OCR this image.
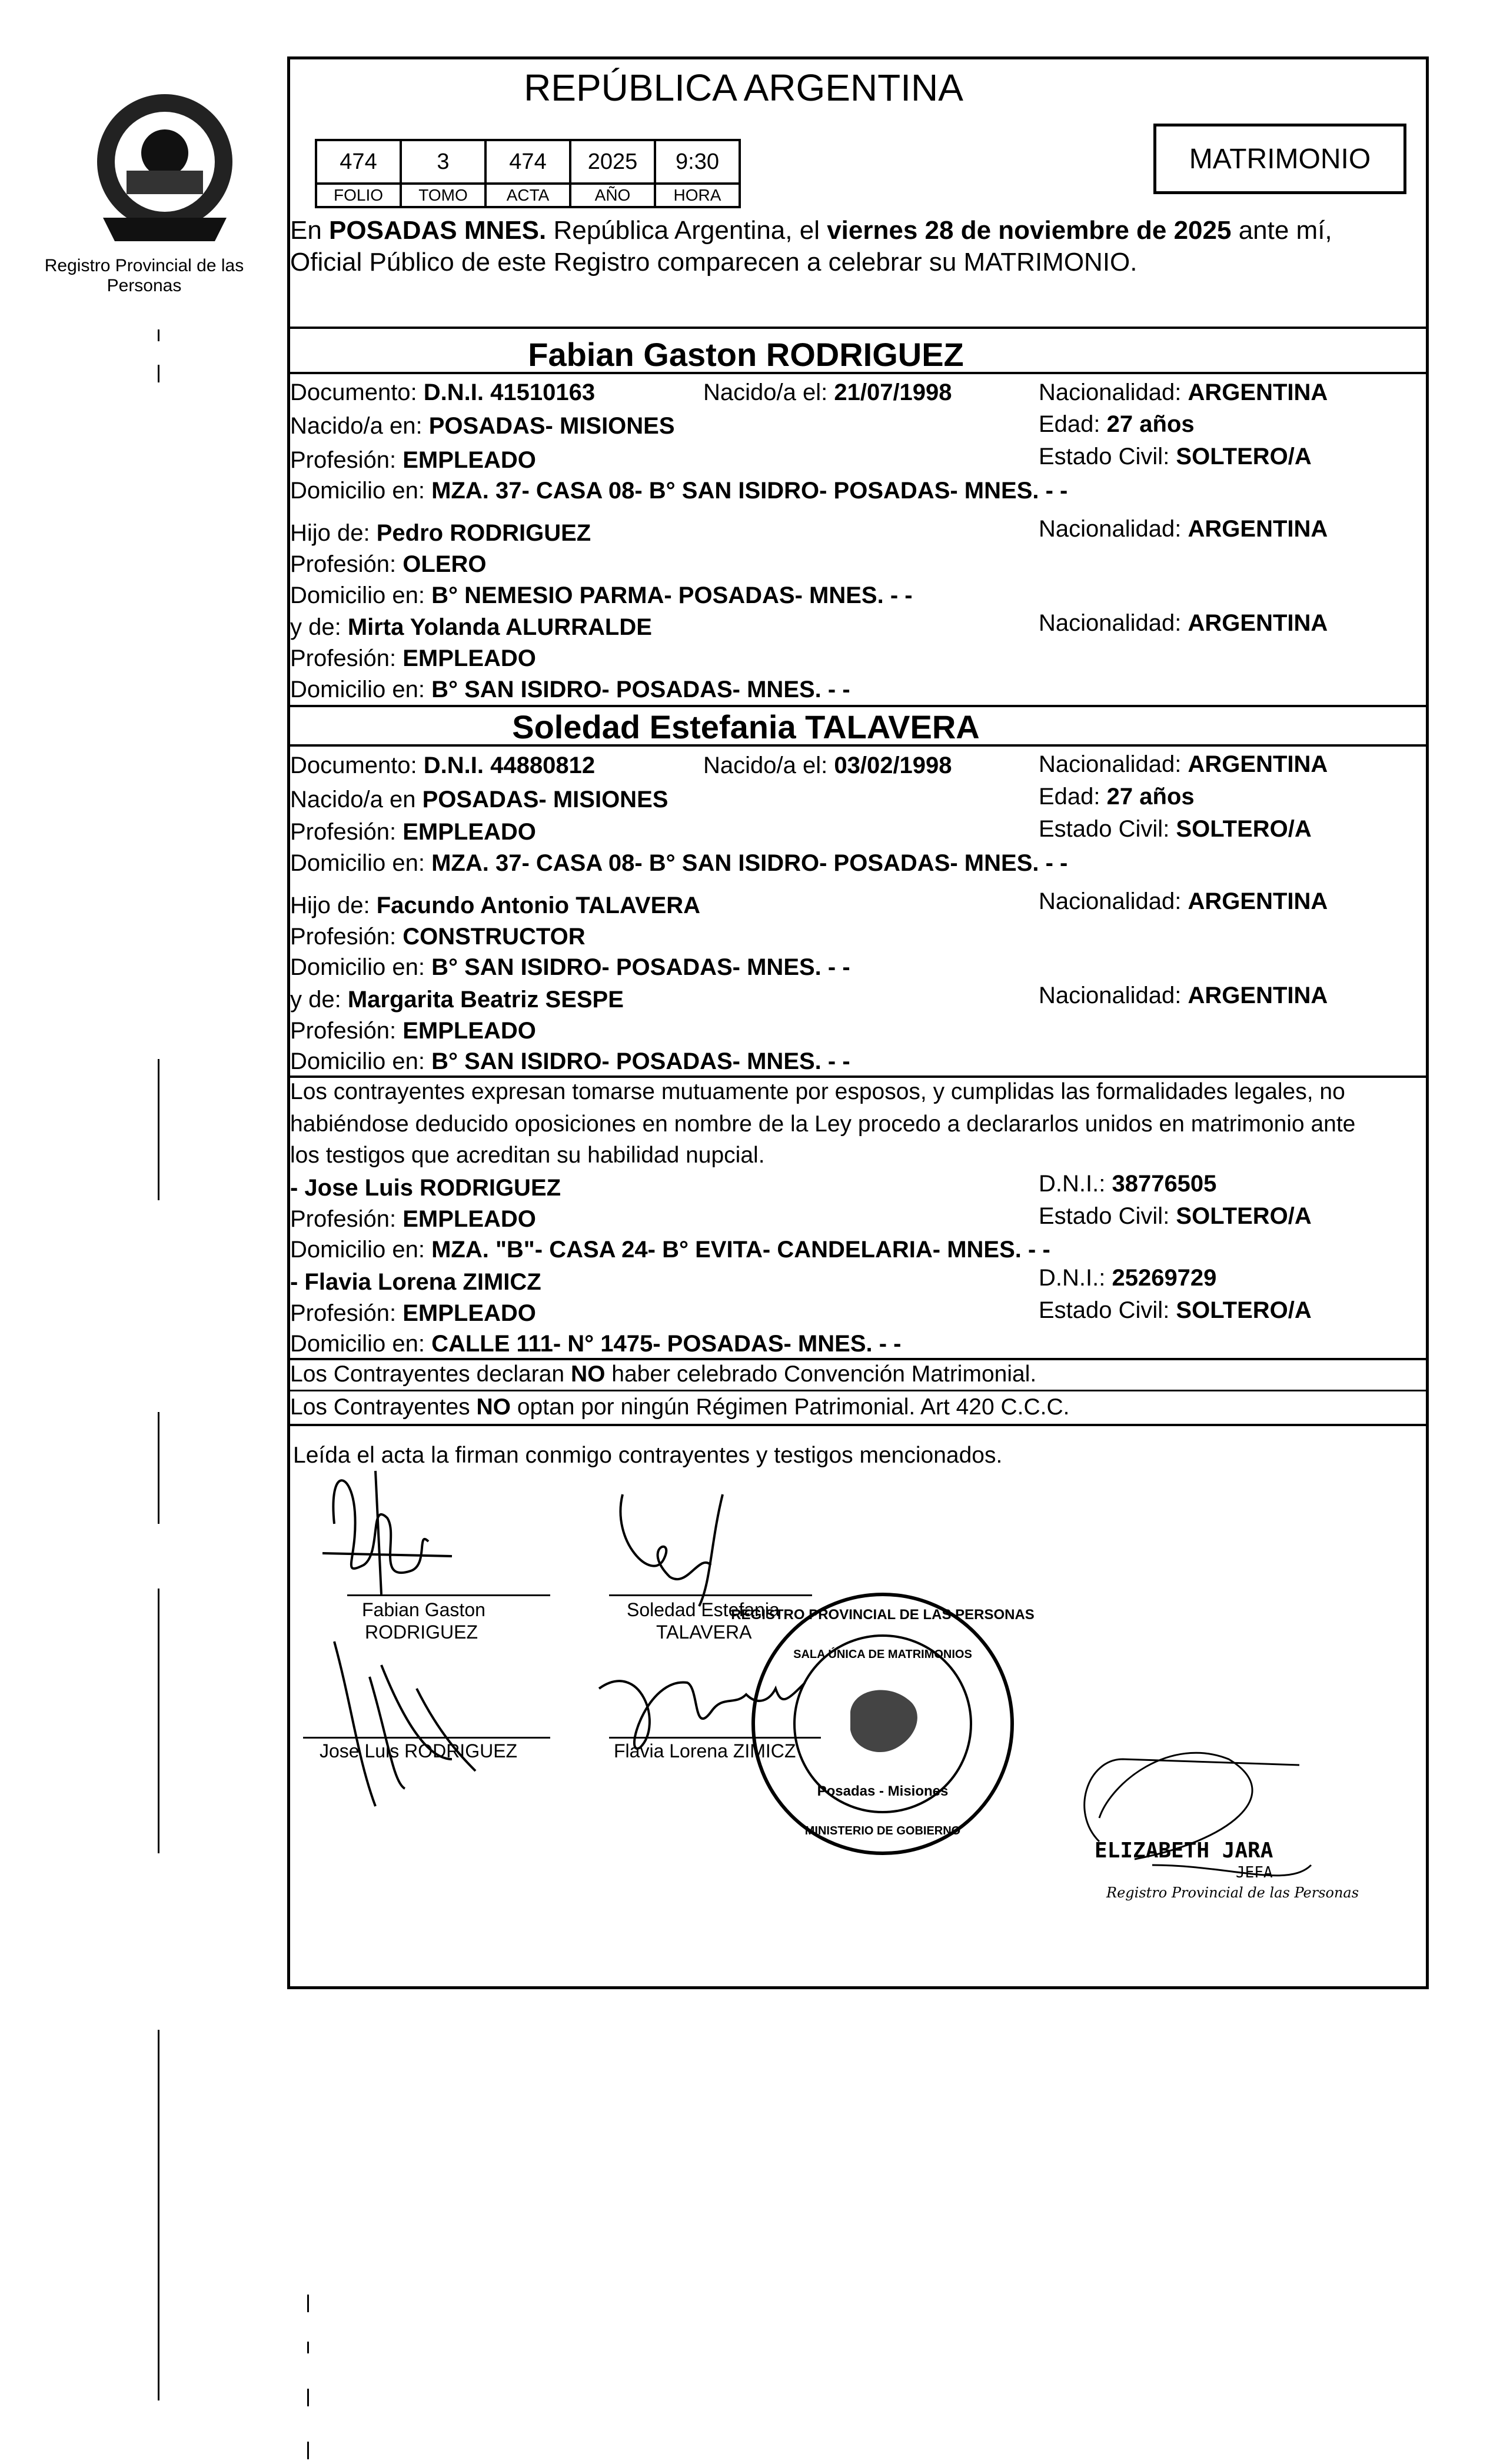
Registro Provincial de las Personas
REPÚBLICA ARGENTINA
474	3	474	2025	9:30
FOLIO	TOMO	ACTA	AÑO	HORA
MATRIMONIO
En POSADAS MNES. República Argentina, el viernes 28 de noviembre de 2025 ante mí,
Oficial Público de este Registro comparecen a celebrar su MATRIMONIO.
Fabian Gaston RODRIGUEZ
Documento: D.N.I. 41510163	Nacido/a el: 21/07/1998	Nacionalidad: ARGENTINA
Nacido/a en: POSADAS- MISIONES	Edad: 27 años
Profesión: EMPLEADO	Estado Civil: SOLTERO/A
Domicilio en: MZA. 37- CASA 08- B° SAN ISIDRO- POSADAS- MNES. - -
Hijo de: Pedro RODRIGUEZ	Nacionalidad: ARGENTINA
Profesión: OLERO
Domicilio en: B° NEMESIO PARMA- POSADAS- MNES. - -
y de: Mirta Yolanda ALURRALDE	Nacionalidad: ARGENTINA
Profesión: EMPLEADO
Domicilio en: B° SAN ISIDRO- POSADAS- MNES. - -
Soledad Estefania TALAVERA
Documento: D.N.I. 44880812	Nacido/a el: 03/02/1998	Nacionalidad: ARGENTINA
Nacido/a en POSADAS- MISIONES	Edad: 27 años
Profesión: EMPLEADO	Estado Civil: SOLTERO/A
Domicilio en: MZA. 37- CASA 08- B° SAN ISIDRO- POSADAS- MNES. - -
Hijo de: Facundo Antonio TALAVERA	Nacionalidad: ARGENTINA
Profesión: CONSTRUCTOR
Domicilio en: B° SAN ISIDRO- POSADAS- MNES. - -
y de: Margarita Beatriz SESPE	Nacionalidad: ARGENTINA
Profesión: EMPLEADO
Domicilio en: B° SAN ISIDRO- POSADAS- MNES. - -
Los contrayentes expresan tomarse mutuamente por esposos, y cumplidas las formalidades legales, no
habiéndose deducido oposiciones en nombre de la Ley procedo a declararlos unidos en matrimonio ante
los testigos que acreditan su habilidad nupcial.
- Jose Luis RODRIGUEZ	D.N.I.: 38776505
Profesión: EMPLEADO	Estado Civil: SOLTERO/A
Domicilio en: MZA. "B"- CASA 24- B° EVITA- CANDELARIA- MNES. - -
- Flavia Lorena ZIMICZ	D.N.I.: 25269729
Profesión: EMPLEADO	Estado Civil: SOLTERO/A
Domicilio en: CALLE 111- N° 1475- POSADAS- MNES. - -
Los Contrayentes declaran NO haber celebrado Convención Matrimonial.
Los Contrayentes NO optan por ningún Régimen Patrimonial. Art 420 C.C.C.
Leída el acta la firman conmigo contrayentes y testigos mencionados.
Fabian Gaston
RODRIGUEZ
Soledad Estefania
TALAVERA
Jose Luis RODRIGUEZ	Flavia Lorena ZIMICZ
REGISTRO PROVINCIAL DE LAS PERSONAS
SALA ÚNICA DE MATRIMONIOS
Posadas - Misiones
MINISTERIO DE GOBIERNO
ELIZABETH JARA
JEFA
Registro Provincial de las Personas
